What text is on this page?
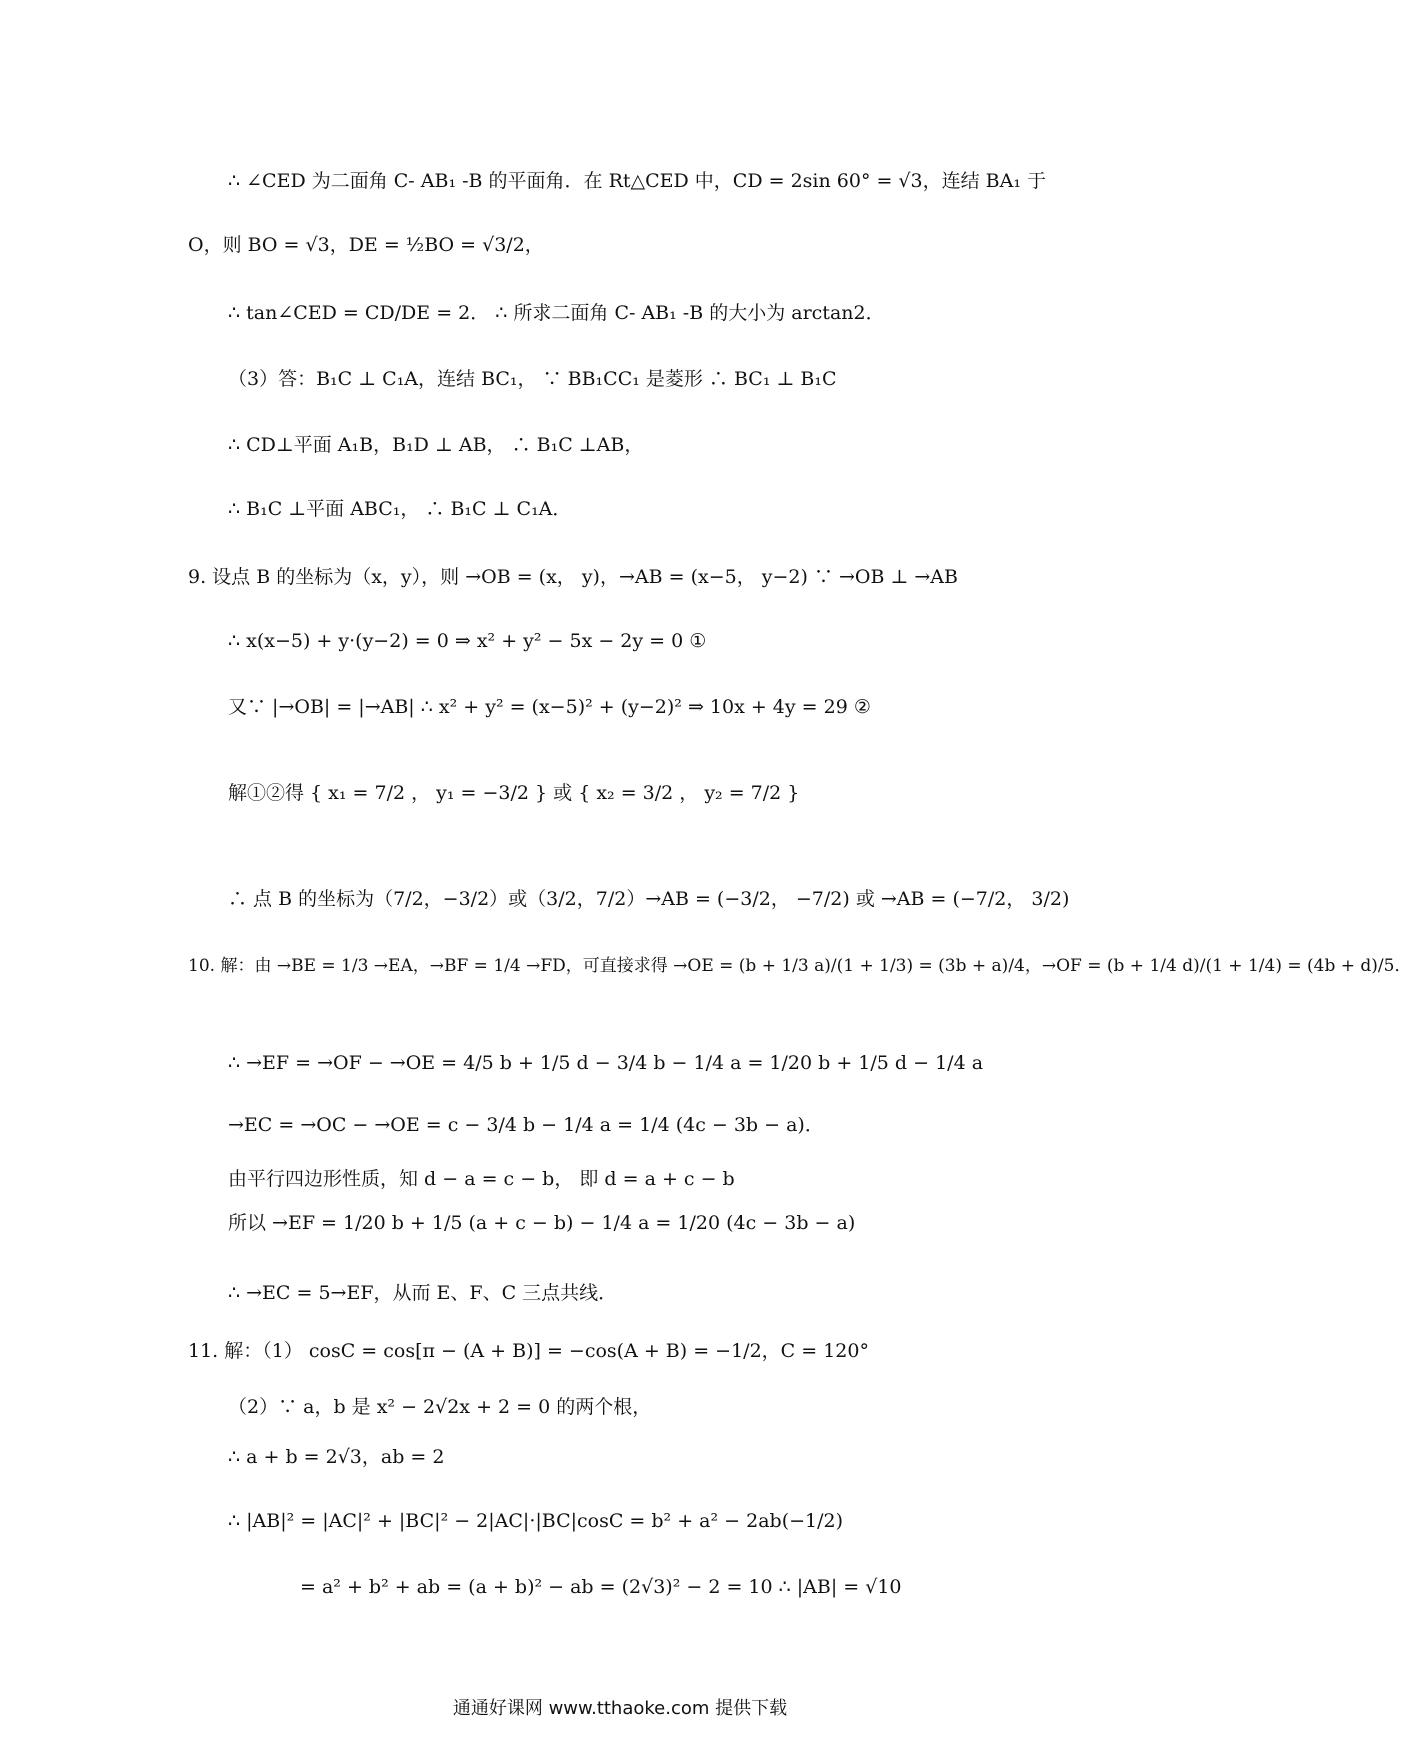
∴ ∠CED 为二面角 C- AB₁ -B 的平面角．在 Rt△CED 中，CD = 2sin 60° = √3，连结 BA₁ 于
O，则 BO = √3，DE = ½BO = √3/2，
∴ tan∠CED = CD/DE = 2． ∴ 所求二面角 C- AB₁ -B 的大小为 arctan2．
（3）答：B₁C ⊥ C₁A，连结 BC₁， ∵ BB₁CC₁ 是菱形 ∴ BC₁ ⊥ B₁C
∴ CD⊥平面 A₁B，B₁D ⊥ AB， ∴ B₁C ⊥AB，
∴ B₁C ⊥平面 ABC₁， ∴ B₁C ⊥ C₁A．
9. 设点 B 的坐标为（x，y），则 →OB = (x， y)，→AB = (x−5， y−2) ∵ →OB ⊥ →AB
∴ x(x−5) + y·(y−2) = 0 ⇒ x² + y² − 5x − 2y = 0 ①
又∵ |→OB| = |→AB| ∴ x² + y² = (x−5)² + (y−2)² ⇒ 10x + 4y = 29 ②
解①②得 { x₁ = 7/2 ， y₁ = −3/2 } 或 { x₂ = 3/2 ， y₂ = 7/2 }
∴ 点 B 的坐标为（7/2，−3/2）或（3/2，7/2）→AB = (−3/2， −7/2) 或 →AB = (−7/2， 3/2)
10. 解：由 →BE = 1/3 →EA，→BF = 1/4 →FD，可直接求得 →OE = (b + 1/3 a)/(1 + 1/3) = (3b + a)/4，→OF = (b + 1/4 d)/(1 + 1/4) = (4b + d)/5．
∴ →EF = →OF − →OE = 4/5 b + 1/5 d − 3/4 b − 1/4 a = 1/20 b + 1/5 d − 1/4 a
→EC = →OC − →OE = c − 3/4 b − 1/4 a = 1/4 (4c − 3b − a)．
由平行四边形性质，知 d − a = c − b， 即 d = a + c − b
所以 →EF = 1/20 b + 1/5 (a + c − b) − 1/4 a = 1/20 (4c − 3b − a)
∴ →EC = 5→EF，从而 E、F、C 三点共线．
11. 解：（1） cosC = cos[π − (A + B)] = −cos(A + B) = −1/2，C = 120°
（2）∵ a，b 是 x² − 2√2x + 2 = 0 的两个根，
∴ a + b = 2√3，ab = 2
∴ |AB|² = |AC|² + |BC|² − 2|AC|·|BC|cosC = b² + a² − 2ab(−1/2)
= a² + b² + ab = (a + b)² − ab = (2√3)² − 2 = 10 ∴ |AB| = √10
通通好课网 www.tthaoke.com 提供下载
